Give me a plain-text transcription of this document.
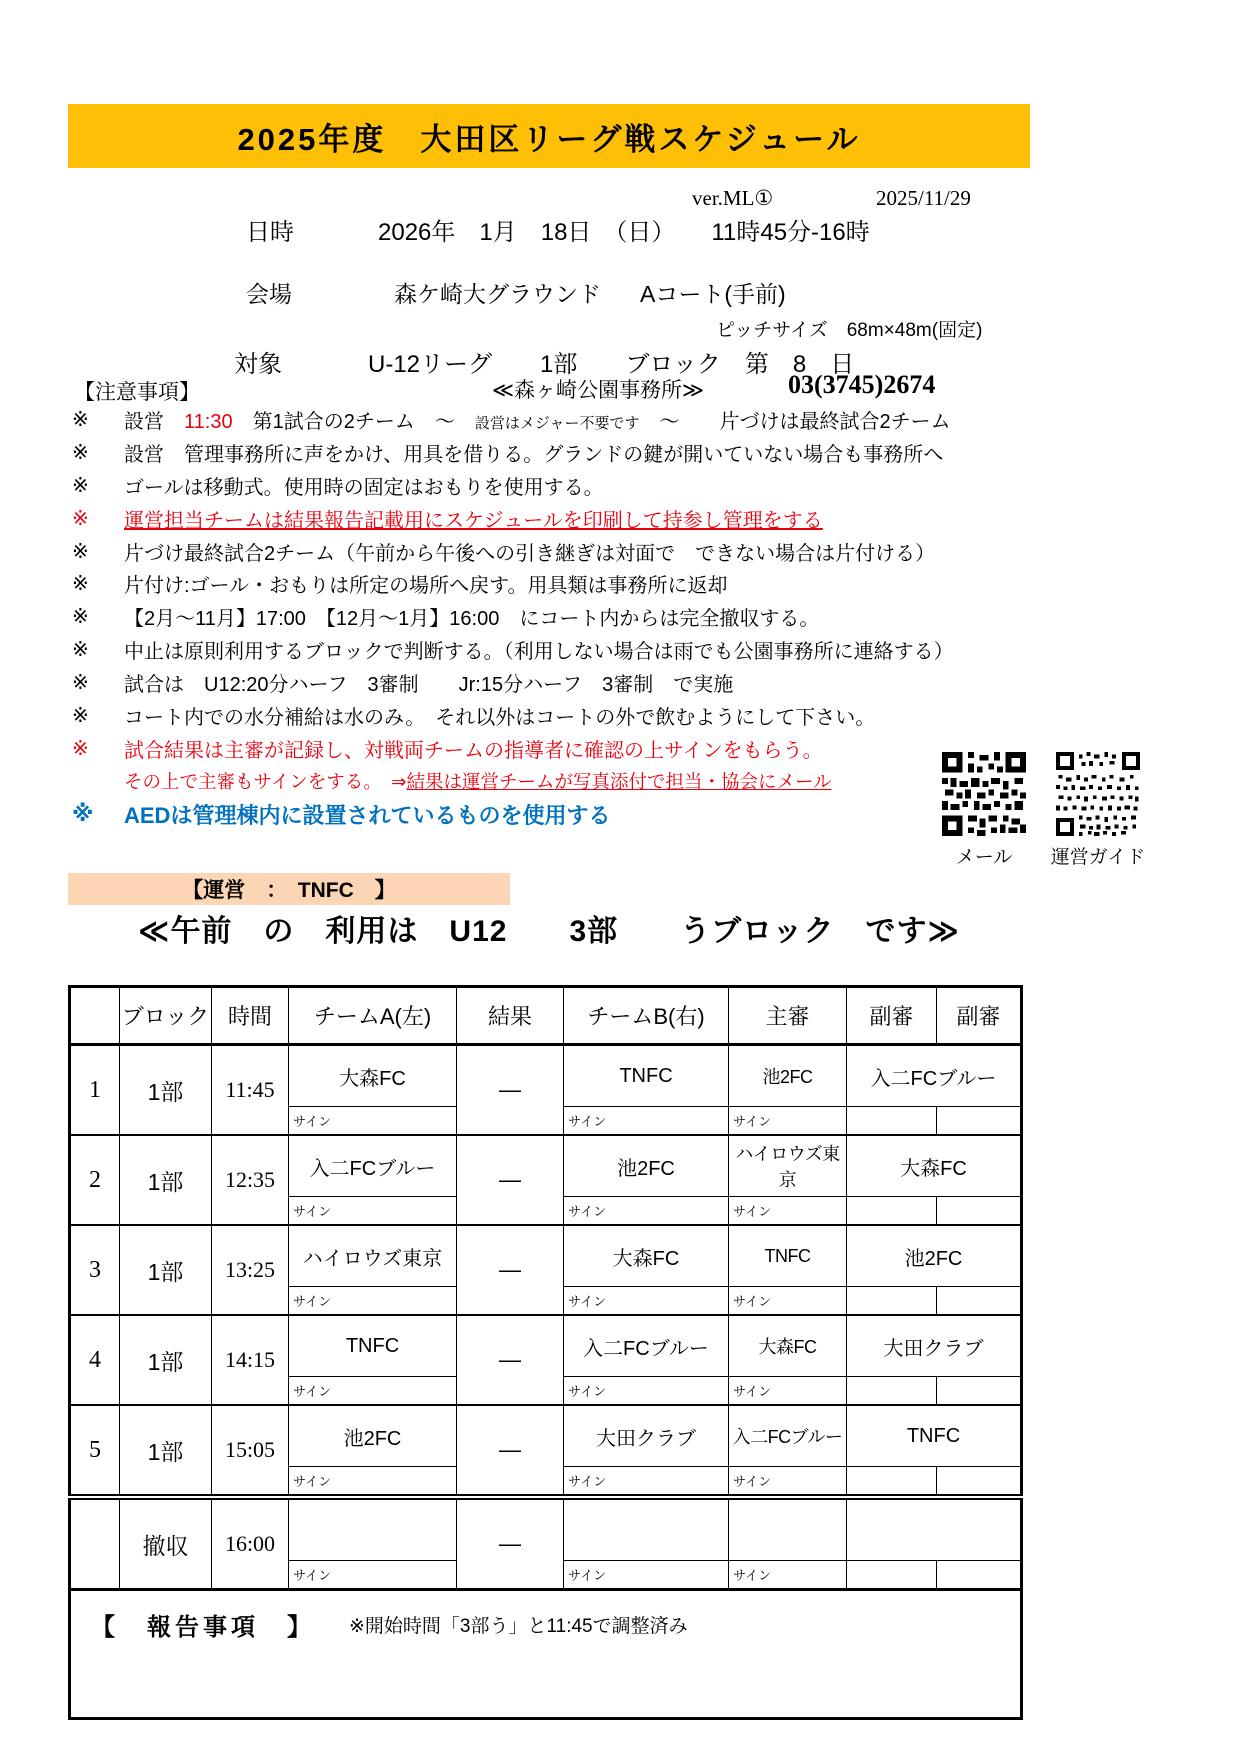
2025年度　大田区リーグ戦スケジュール
ver.ML①	2025/11/29
日時	2026年　1月　18日　（日）　　11時45分-16時
会場	森ケ崎大グラウンド Aコート(手前)
ピッチサイズ　68m×48m(固定)
対象	U-12リーグ　　1部　　ブロック　第　8　日
【注意事項】	≪森ヶ崎公園事務所≫	03(3745)2674
※	設営　11:30　第1試合の2チーム　～　設営はメジャー不要です　～　　片づけは最終試合2チーム
※	設営　管理事務所に声をかけ、用具を借りる。グランドの鍵が開いていない場合も事務所へ
※	ゴールは移動式。使用時の固定はおもりを使用する。
※	運営担当チームは結果報告記載用にスケジュールを印刷して持参し管理をする
※	片づけ最終試合2チーム（午前から午後への引き継ぎは対面で　できない場合は片付ける）
※	片付け:ゴール・おもりは所定の場所へ戻す。用具類は事務所に返却
※	【2月～11月】17:00　【12月～1月】16:00　にコート内からは完全撤収する。
※	中止は原則利用するブロックで判断する。（利用しない場合は雨でも公園事務所に連絡する）
※	試合は　U12:20分ハーフ　3審制　　Jr:15分ハーフ　3審制　で実施
※	コート内での水分補給は水のみ。　それ以外はコートの外で飲むようにして下さい。
※	試合結果は主審が記録し、対戦両チームの指導者に確認の上サインをもらう。
その上で主審もサインをする。　⇒結果は運営チームが写真添付で担当・協会にメール
※	AEDは管理棟内に設置されているものを使用する
メール	運営ガイド
【運営　：　TNFC　】
≪午前　の　利用は　U12　　3部　　うブロック　です≫
	ブロック	時間	チームA(左)	結果	チームB(右)	主審	副審	副審
1	1部	11:45	大森FC	—	TNFC	池2FC	入二FCブルー	
			サイン		サイン	サイン		
2	1部	12:35	入二FCブルー	—	池2FC	ハイロウズ東京	大森FC	
			サイン		サイン	サイン		
3	1部	13:25	ハイロウズ東京	—	大森FC	TNFC	池2FC	
			サイン		サイン	サイン		
4	1部	14:15	TNFC	—	入二FCブルー	大森FC	大田クラブ	
			サイン		サイン	サイン		
5	1部	15:05	池2FC	—	大田クラブ	入二FCブルー	TNFC	
			サイン		サイン	サイン		
	撤収	16:00		—				
			サイン		サイン	サイン		

【　報告事項　】 ※開始時間「3部う」と11:45で調整済み								
